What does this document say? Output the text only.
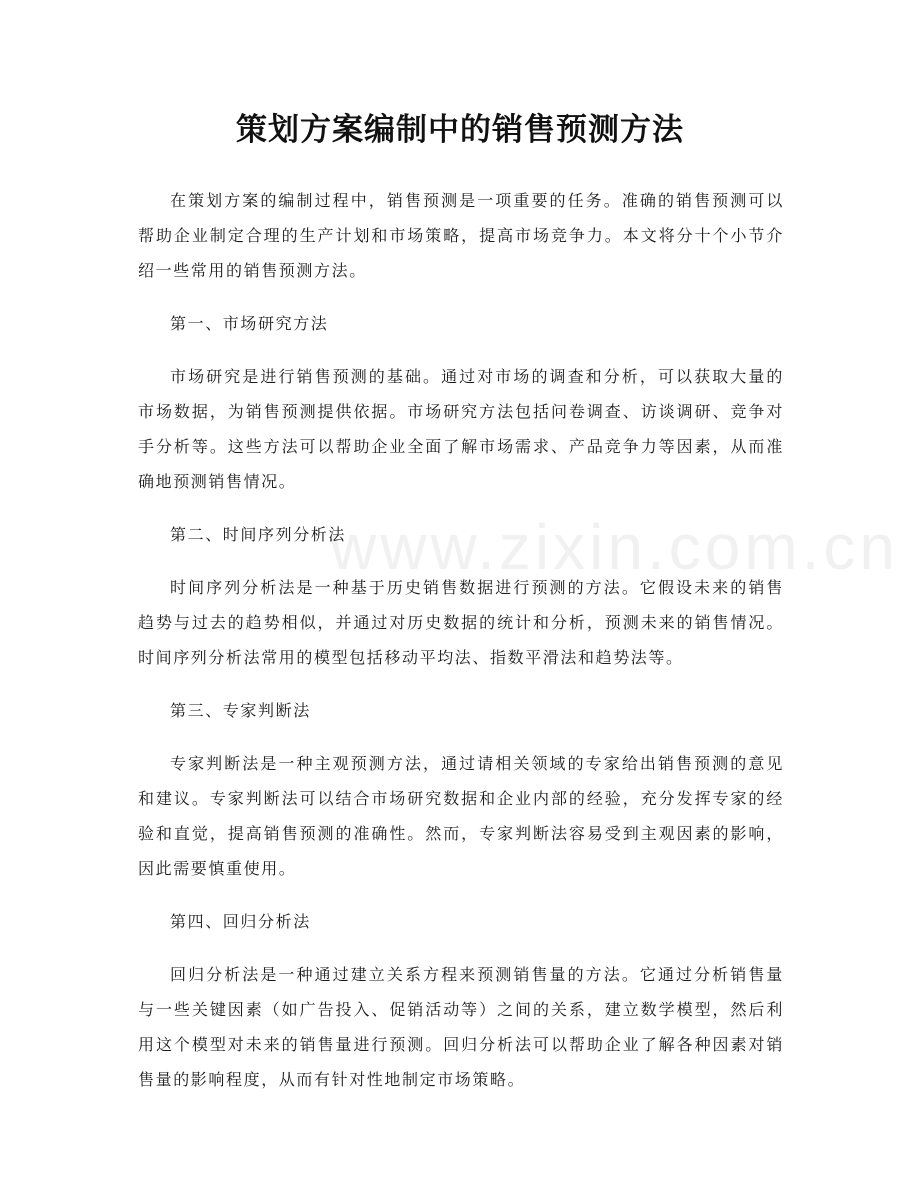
www.zixin.com.cn
策划方案编制中的销售预测方法

在策划方案的编制过程中，销售预测是一项重要的任务。准确的销售预测可以帮助企业制定合理的生产计划和市场策略，提高市场竞争力。本文将分十个小节介绍一些常用的销售预测方法。

第一、市场研究方法

市场研究是进行销售预测的基础。通过对市场的调查和分析，可以获取大量的市场数据，为销售预测提供依据。市场研究方法包括问卷调查、访谈调研、竞争对手分析等。这些方法可以帮助企业全面了解市场需求、产品竞争力等因素，从而准确地预测销售情况。

第二、时间序列分析法

时间序列分析法是一种基于历史销售数据进行预测的方法。它假设未来的销售趋势与过去的趋势相似，并通过对历史数据的统计和分析，预测未来的销售情况。时间序列分析法常用的模型包括移动平均法、指数平滑法和趋势法等。

第三、专家判断法

专家判断法是一种主观预测方法，通过请相关领域的专家给出销售预测的意见和建议。专家判断法可以结合市场研究数据和企业内部的经验，充分发挥专家的经验和直觉，提高销售预测的准确性。然而，专家判断法容易受到主观因素的影响，因此需要慎重使用。

第四、回归分析法

回归分析法是一种通过建立关系方程来预测销售量的方法。它通过分析销售量与一些关键因素（如广告投入、促销活动等）之间的关系，建立数学模型，然后利用这个模型对未来的销售量进行预测。回归分析法可以帮助企业了解各种因素对销售量的影响程度，从而有针对性地制定市场策略。
